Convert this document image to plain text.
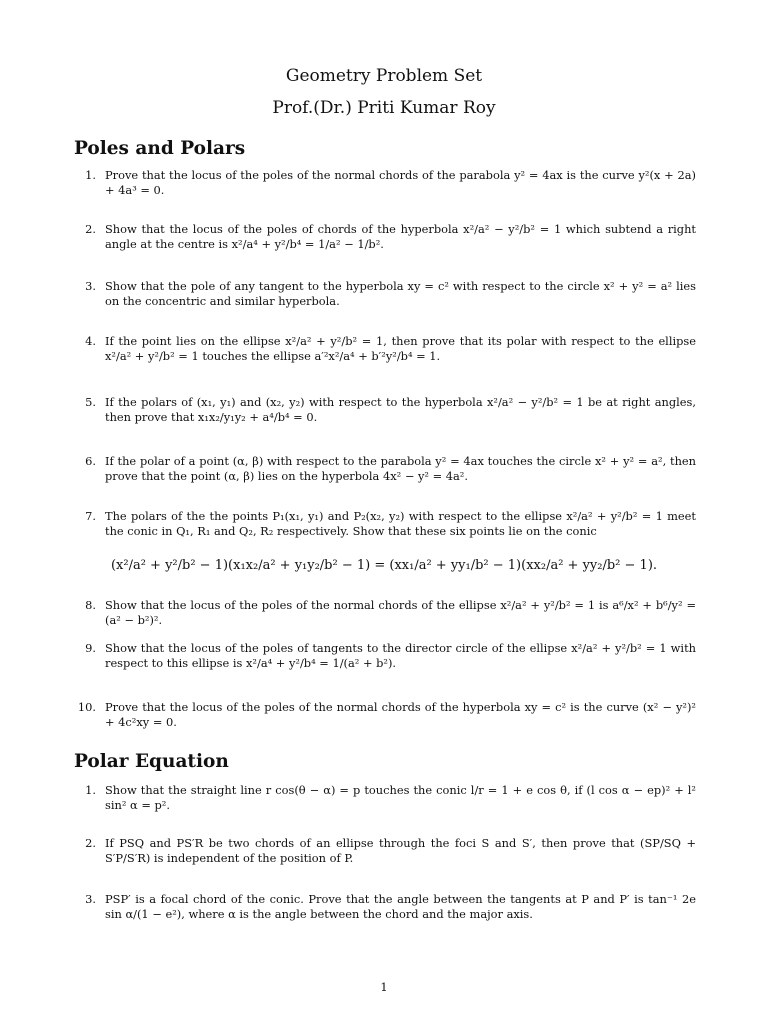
Geometry Problem Set
Prof.(Dr.) Priti Kumar Roy
Poles and Polars
1. Prove that the locus of the poles of the normal chords of the parabola y² = 4ax is the curve y²(x + 2a) + 4a³ = 0.
2. Show that the locus of the poles of chords of the hyperbola x²/a² − y²/b² = 1 which subtend a right angle at the centre is x²/a⁴ + y²/b⁴ = 1/a² − 1/b².
3. Show that the pole of any tangent to the hyperbola xy = c² with respect to the circle x² + y² = a² lies on the concentric and similar hyperbola.
4. If the point lies on the ellipse x²/a² + y²/b² = 1, then prove that its polar with respect to the ellipse x²/a² + y²/b² = 1 touches the ellipse a′²x²/a⁴ + b′²y²/b⁴ = 1.
5. If the polars of (x₁, y₁) and (x₂, y₂) with respect to the hyperbola x²/a² − y²/b² = 1 be at right angles, then prove that x₁x₂/y₁y₂ + a⁴/b⁴ = 0.
6. If the polar of a point (α, β) with respect to the parabola y² = 4ax touches the circle x² + y² = a², then prove that the point (α, β) lies on the hyperbola 4x² − y² = 4a².
7. The polars of the the points P₁(x₁, y₁) and P₂(x₂, y₂) with respect to the ellipse x²/a² + y²/b² = 1 meet the conic in Q₁, R₁ and Q₂, R₂ respectively. Show that these six points lie on the conic
(x²/a² + y²/b² − 1)(x₁x₂/a² + y₁y₂/b² − 1) = (xx₁/a² + yy₁/b² − 1)(xx₂/a² + yy₂/b² − 1).
8. Show that the locus of the poles of the normal chords of the ellipse x²/a² + y²/b² = 1 is a⁶/x² + b⁶/y² = (a² − b²)².
9. Show that the locus of the poles of tangents to the director circle of the ellipse x²/a² + y²/b² = 1 with respect to this ellipse is x²/a⁴ + y²/b⁴ = 1/(a² + b²).
10. Prove that the locus of the poles of the normal chords of the hyperbola xy = c² is the curve (x² − y²)² + 4c²xy = 0.
Polar Equation
1. Show that the straight line r cos(θ − α) = p touches the conic l/r = 1 + e cos θ, if (l cos α − ep)² + l² sin² α = p².
2. If PSQ and PS′R be two chords of an ellipse through the foci S and S′, then prove that (SP/SQ + S′P/S′R) is independent of the position of P.
3. PSP′ is a focal chord of the conic. Prove that the angle between the tangents at P and P′ is tan⁻¹ 2e sin α/(1 − e²), where α is the angle between the chord and the major axis.
1
